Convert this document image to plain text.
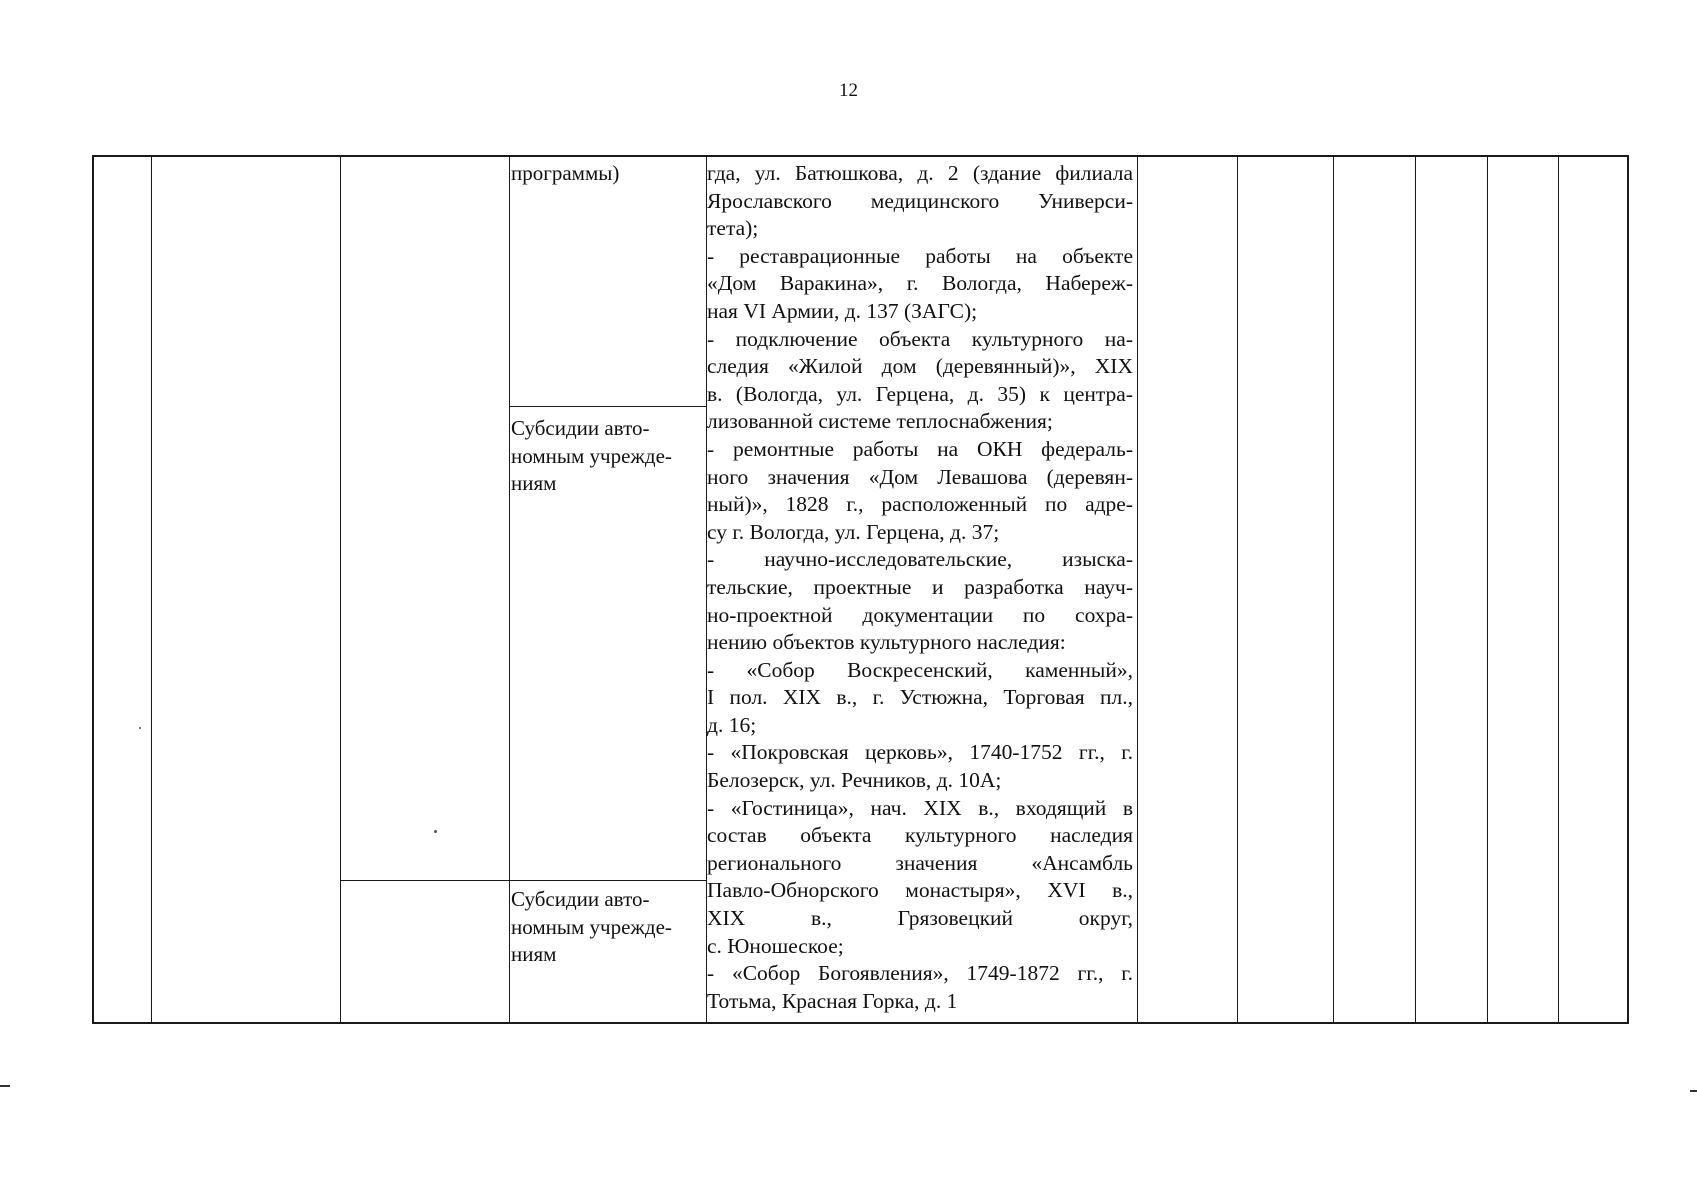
12
программы)
Субсидии авто-
номным учрежде-
ниям
Субсидии авто-
номным учрежде-
ниям
гда, ул. Батюшкова, д. 2 (здание филиала
Ярославского медицинского Универси-
тета);
- реставрационные работы на объекте
«Дом Варакина», г. Вологда, Набереж-
ная VI Армии, д. 137 (ЗАГС);
- подключение объекта культурного на-
следия «Жилой дом (деревянный)», XIX
в. (Вологда, ул. Герцена, д. 35) к центра-
лизованной системе теплоснабжения;
- ремонтные работы на ОКН федераль-
ного значения «Дом Левашова (деревян-
ный)», 1828 г., расположенный по адре-
су г. Вологда, ул. Герцена, д. 37;
- научно-исследовательские, изыска-
тельские, проектные и разработка науч-
но-проектной документации по сохра-
нению объектов культурного наследия:
- «Собор Воскресенский, каменный»,
I пол. XIX в., г. Устюжна, Торговая пл.,
д. 16;
- «Покровская церковь», 1740-1752 гг., г.
Белозерск, ул. Речников, д. 10А;
- «Гостиница», нач. XIX в., входящий в
состав объекта культурного наследия
регионального значения «Ансамбль
Павло-Обнорского монастыря», XVI в.,
XIX в., Грязовецкий округ,
с. Юношеское;
- «Собор Богоявления», 1749-1872 гг., г.
Тотьма, Красная Горка, д. 1
